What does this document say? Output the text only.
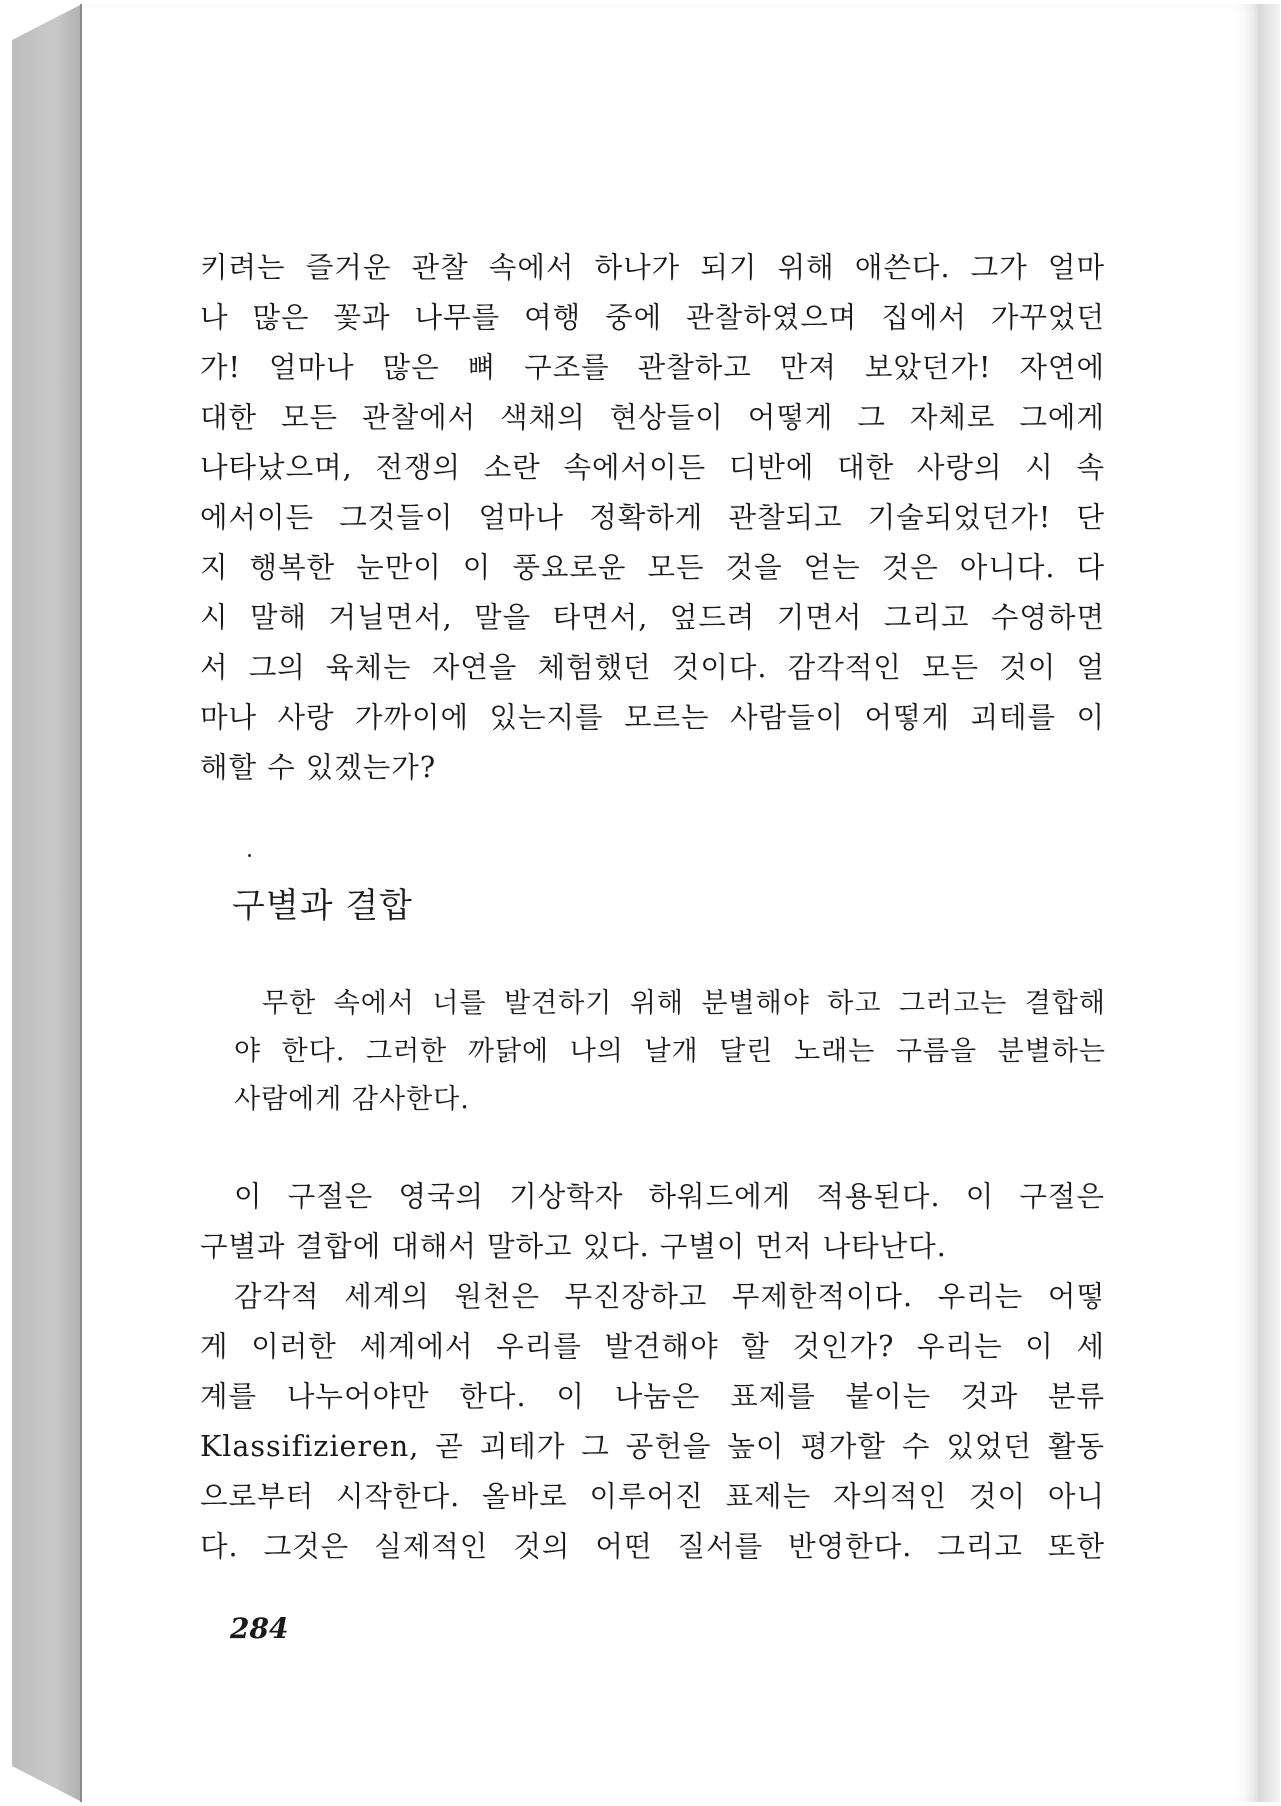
키려는 즐거운 관찰 속에서 하나가 되기 위해 애쓴다. 그가 얼마
나 많은 꽃과 나무를 여행 중에 관찰하였으며 집에서 가꾸었던
가! 얼마나 많은 뼈 구조를 관찰하고 만져 보았던가! 자연에
대한 모든 관찰에서 색채의 현상들이 어떻게 그 자체로 그에게
나타났으며, 전쟁의 소란 속에서이든 디반에 대한 사랑의 시 속
에서이든 그것들이 얼마나 정확하게 관찰되고 기술되었던가! 단
지 행복한 눈만이 이 풍요로운 모든 것을 얻는 것은 아니다. 다
시 말해 거닐면서, 말을 타면서, 엎드려 기면서 그리고 수영하면
서 그의 육체는 자연을 체험했던 것이다. 감각적인 모든 것이 얼
마나 사랑 가까이에 있는지를 모르는 사람들이 어떻게 괴테를 이
해할 수 있겠는가?
구별과 결합
무한 속에서 너를 발견하기 위해 분별해야 하고 그러고는 결합해
야 한다. 그러한 까닭에 나의 날개 달린 노래는 구름을 분별하는
사람에게 감사한다.
이 구절은 영국의 기상학자 하워드에게 적용된다. 이 구절은
구별과 결합에 대해서 말하고 있다. 구별이 먼저 나타난다.
감각적 세계의 원천은 무진장하고 무제한적이다. 우리는 어떻
게 이러한 세계에서 우리를 발견해야 할 것인가? 우리는 이 세
계를 나누어야만 한다. 이 나눔은 표제를 붙이는 것과 분류
Klassifizieren, 곧 괴테가 그 공헌을 높이 평가할 수 있었던 활동
으로부터 시작한다. 올바로 이루어진 표제는 자의적인 것이 아니
다. 그것은 실제적인 것의 어떤 질서를 반영한다. 그리고 또한
284
